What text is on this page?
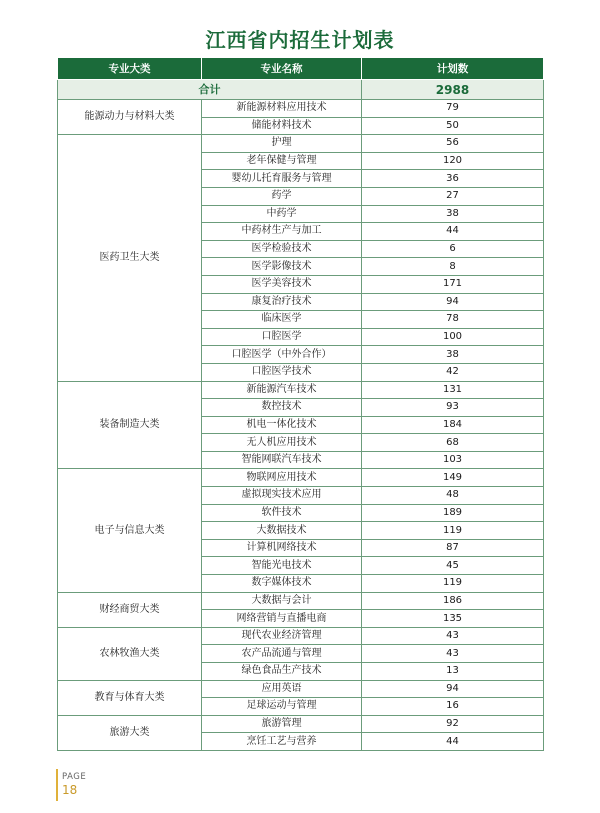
江西省内招生计划表
专业大类	专业名称	计划数
合计		2988
能源动力与材料大类	新能源材料应用技术	79
	储能材料技术	50
医药卫生大类	护理	56
	老年保健与管理	120
	婴幼儿托育服务与管理	36
	药学	27
	中药学	38
	中药材生产与加工	44
	医学检验技术	6
	医学影像技术	8
	医学美容技术	171
	康复治疗技术	94
	临床医学	78
	口腔医学	100
	口腔医学（中外合作）	38
	口腔医学技术	42
装备制造大类	新能源汽车技术	131
	数控技术	93
	机电一体化技术	184
	无人机应用技术	68
	智能网联汽车技术	103
电子与信息大类	物联网应用技术	149
	虚拟现实技术应用	48
	软件技术	189
	大数据技术	119
	计算机网络技术	87
	智能光电技术	45
	数字媒体技术	119
财经商贸大类	大数据与会计	186
	网络营销与直播电商	135
农林牧渔大类	现代农业经济管理	43
	农产品流通与管理	43
	绿色食品生产技术	13
教育与体育大类	应用英语	94
	足球运动与管理	16
旅游大类	旅游管理	92
	烹饪工艺与营养	44
PAGE
18
